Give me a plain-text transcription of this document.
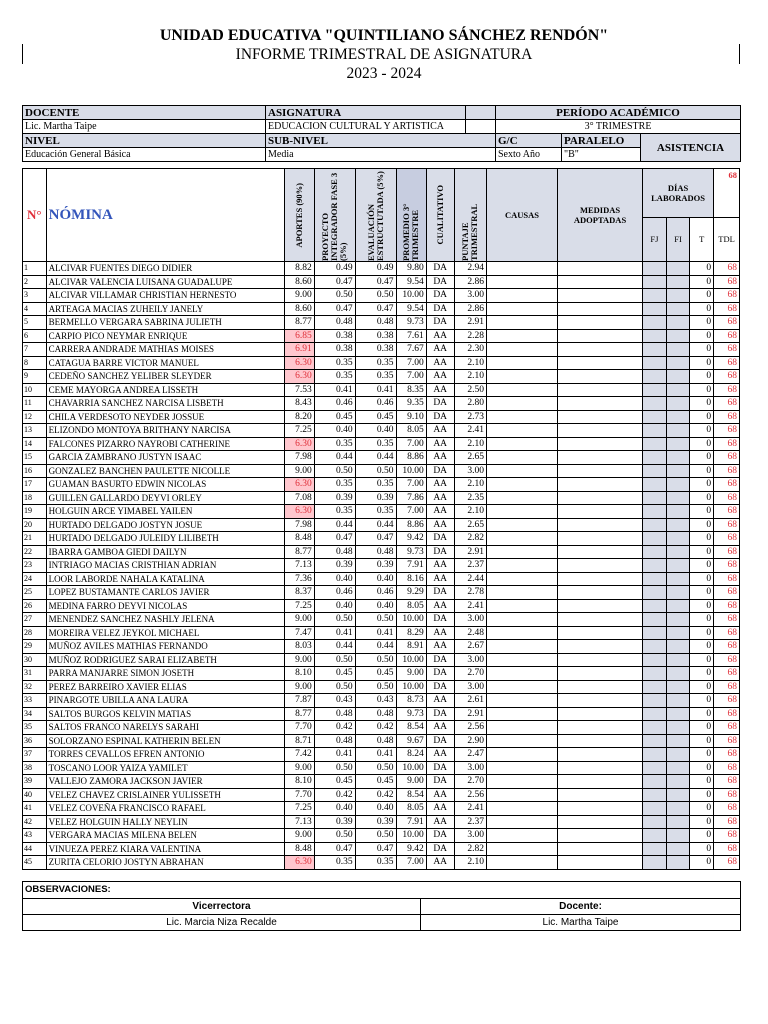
UNIDAD EDUCATIVA "QUINTILIANO SÁNCHEZ RENDÓN"
INFORME TRIMESTRAL DE ASIGNATURA
2023 - 2024
DOCENTE	ASIGNATURA		PERÍODO ACADÉMICO		
Lic. Martha Taipe	EDUCACION CULTURAL Y ARTISTICA		3° TRIMESTRE		
NIVEL	SUB-NIVEL		G/C	PARALELO	ASISTENCIA
Educación General Básica	Media		Sexto Año	"B"	
N°	NÓMINA	APORTES (90%)	PROYECTO INTEGRADOR FASE 3 (5%)	EVALUACIÓN ESTRUCTUTADA (5%)	PROMEDIO 3° TRIMESTRE	CUALITATIVO	PUNTAJE TRIMESTRAL	CAUSAS	MEDIDAS ADOPTADAS	DÍAS LABORADOS			68
										FJ	FI	T	TDL
1	ALCIVAR FUENTES DIEGO DIDIER	8.82	0.49	0.49	9.80	DA	2.94					0	68
2	ALCIVAR VALENCIA LUISANA GUADALUPE	8.60	0.47	0.47	9.54	DA	2.86					0	68
3	ALCIVAR VILLAMAR CHRISTIAN HERNESTO	9.00	0.50	0.50	10.00	DA	3.00					0	68
4	ARTEAGA MACIAS ZUHEILY JANELY	8.60	0.47	0.47	9.54	DA	2.86					0	68
5	BERMELLO VERGARA SABRINA JULIETH	8.77	0.48	0.48	9.73	DA	2.91					0	68
6	CARPIO PICO NEYMAR ENRIQUE	6.85	0.38	0.38	7.61	AA	2.28					0	68
7	CARRERA ANDRADE MATHIAS MOISES	6.91	0.38	0.38	7.67	AA	2.30					0	68
8	CATAGUA BARRE VICTOR MANUEL	6.30	0.35	0.35	7.00	AA	2.10					0	68
9	CEDEÑO SANCHEZ YELIBER SLEYDER	6.30	0.35	0.35	7.00	AA	2.10					0	68
10	CEME MAYORGA ANDREA LISSETH	7.53	0.41	0.41	8.35	AA	2.50					0	68
11	CHAVARRIA SANCHEZ NARCISA LISBETH	8.43	0.46	0.46	9.35	DA	2.80					0	68
12	CHILA VERDESOTO NEYDER JOSSUE	8.20	0.45	0.45	9.10	DA	2.73					0	68
13	ELIZONDO MONTOYA BRITHANY NARCISA	7.25	0.40	0.40	8.05	AA	2.41					0	68
14	FALCONES PIZARRO NAYROBI CATHERINE	6.30	0.35	0.35	7.00	AA	2.10					0	68
15	GARCIA ZAMBRANO JUSTYN ISAAC	7.98	0.44	0.44	8.86	AA	2.65					0	68
16	GONZALEZ BANCHEN PAULETTE NICOLLE	9.00	0.50	0.50	10.00	DA	3.00					0	68
17	GUAMAN BASURTO EDWIN NICOLAS	6.30	0.35	0.35	7.00	AA	2.10					0	68
18	GUILLEN GALLARDO DEYVI ORLEY	7.08	0.39	0.39	7.86	AA	2.35					0	68
19	HOLGUIN ARCE YIMABEL YAILEN	6.30	0.35	0.35	7.00	AA	2.10					0	68
20	HURTADO DELGADO JOSTYN JOSUE	7.98	0.44	0.44	8.86	AA	2.65					0	68
21	HURTADO DELGADO JULEIDY LILIBETH	8.48	0.47	0.47	9.42	DA	2.82					0	68
22	IBARRA GAMBOA GIEDI DAILYN	8.77	0.48	0.48	9.73	DA	2.91					0	68
23	INTRIAGO MACIAS CRISTHIAN ADRIAN	7.13	0.39	0.39	7.91	AA	2.37					0	68
24	LOOR LABORDE NAHALA KATALINA	7.36	0.40	0.40	8.16	AA	2.44					0	68
25	LOPEZ BUSTAMANTE CARLOS JAVIER	8.37	0.46	0.46	9.29	DA	2.78					0	68
26	MEDINA FARRO DEYVI NICOLAS	7.25	0.40	0.40	8.05	AA	2.41					0	68
27	MENENDEZ SANCHEZ NASHLY JELENA	9.00	0.50	0.50	10.00	DA	3.00					0	68
28	MOREIRA VELEZ JEYKOL MICHAEL	7.47	0.41	0.41	8.29	AA	2.48					0	68
29	MUÑOZ AVILES MATHIAS FERNANDO	8.03	0.44	0.44	8.91	AA	2.67					0	68
30	MUÑOZ RODRIGUEZ SARAI ELIZABETH	9.00	0.50	0.50	10.00	DA	3.00					0	68
31	PARRA MANJARRE SIMON JOSETH	8.10	0.45	0.45	9.00	DA	2.70					0	68
32	PEREZ BARREIRO XAVIER ELIAS	9.00	0.50	0.50	10.00	DA	3.00					0	68
33	PINARGOTE UBILLA ANA LAURA	7.87	0.43	0.43	8.73	AA	2.61					0	68
34	SALTOS BURGOS KELVIN MATIAS	8.77	0.48	0.48	9.73	DA	2.91					0	68
35	SALTOS FRANCO NARELYS SARAHI	7.70	0.42	0.42	8.54	AA	2.56					0	68
36	SOLORZANO ESPINAL KATHERIN BELEN	8.71	0.48	0.48	9.67	DA	2.90					0	68
37	TORRES CEVALLOS EFREN ANTONIO	7.42	0.41	0.41	8.24	AA	2.47					0	68
38	TOSCANO LOOR YAIZA YAMILET	9.00	0.50	0.50	10.00	DA	3.00					0	68
39	VALLEJO ZAMORA JACKSON JAVIER	8.10	0.45	0.45	9.00	DA	2.70					0	68
40	VELEZ CHAVEZ CRISLAINER YULISSETH	7.70	0.42	0.42	8.54	AA	2.56					0	68
41	VELEZ COVEÑA FRANCISCO RAFAEL	7.25	0.40	0.40	8.05	AA	2.41					0	68
42	VELEZ HOLGUIN HALLY NEYLIN	7.13	0.39	0.39	7.91	AA	2.37					0	68
43	VERGARA MACIAS MILENA BELEN	9.00	0.50	0.50	10.00	DA	3.00					0	68
44	VINUEZA PEREZ KIARA VALENTINA	8.48	0.47	0.47	9.42	DA	2.82					0	68
45	ZURITA CELORIO JOSTYN ABRAHAN	6.30	0.35	0.35	7.00	AA	2.10					0	68
OBSERVACIONES:	
Vicerrectora	Docente:
Lic. Marcia Niza Recalde	Lic. Martha Taipe
